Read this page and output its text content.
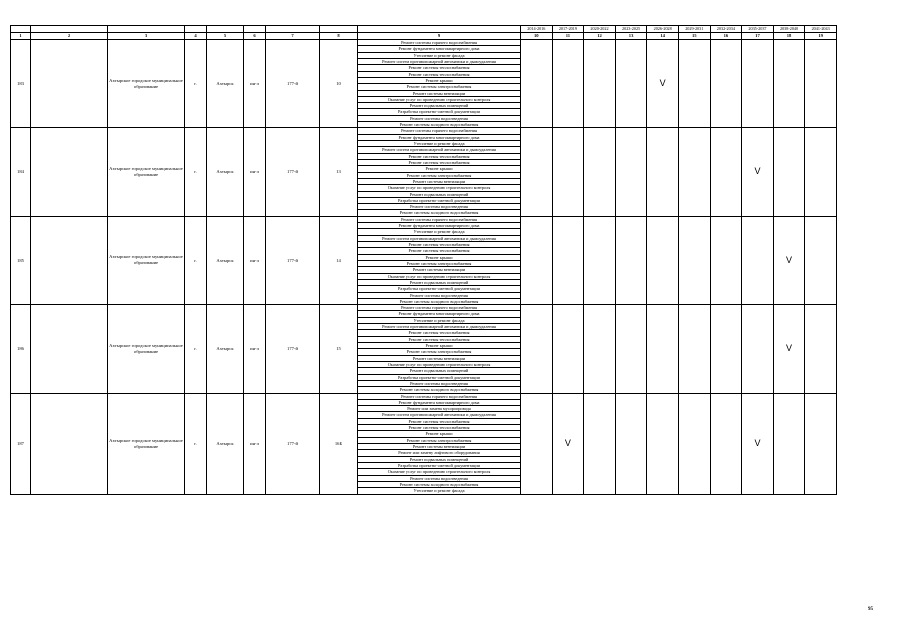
									2014-2016	2017-2019	2020-2022	2023-2025	2026-2028	2029-2031	2032-2034	2035-2037	2038-2040	2041-2043
1	2	3	4	5	6	7	8	9	10	11	12	13	14	15	16	17	18	19
183		Ахтырское городское муниципальное образование	г.	Ахтырск	ин-л	177-й	10	Ремонт системы горячего водоснабжения					V					
								Ремонт фундамента многоквартирного дома										
								Утепление и ремонт фасада										
								Ремонт систем противопожарной автоматики и дымоудаления										
								Ремонт системы теплоснабжения										
								Ремонт системы теплоснабжения										
								Ремонт крыши										
								Ремонт системы электроснабжения										
								Ремонт системы вентиляции										
								Оказание услуг по проведению строительного контроля										
								Ремонт подвальных помещений										
								Разработка проектно-сметной документации										
								Ремонт системы водоотведения										
								Ремонт системы холодного водоснабжения										
184		Ахтырское городское муниципальное образование	г.	Ахтырск	ин-л	177-й	13	Ремонт системы горячего водоснабжения								V		
								Ремонт фундамента многоквартирного дома										
								Утепление и ремонт фасада										
								Ремонт систем противопожарной автоматики и дымоудаления										
								Ремонт системы теплоснабжения										
								Ремонт системы теплоснабжения										
								Ремонт крыши										
								Ремонт системы электроснабжения										
								Ремонт системы вентиляции										
								Оказание услуг по проведению строительного контроля										
								Ремонт подвальных помещений										
								Разработка проектно-сметной документации										
								Ремонт системы водоотведения										
								Ремонт системы холодного водоснабжения										
185		Ахтырское городское муниципальное образование	г.	Ахтырск	ин-л	177-й	14	Ремонт системы горячего водоснабжения									V	
								Ремонт фундамента многоквартирного дома										
								Утепление и ремонт фасада										
								Ремонт систем противопожарной автоматики и дымоудаления										
								Ремонт системы теплоснабжения										
								Ремонт системы теплоснабжения										
								Ремонт крыши										
								Ремонт системы электроснабжения										
								Ремонт системы вентиляции										
								Оказание услуг по проведению строительного контроля										
								Ремонт подвальных помещений										
								Разработка проектно-сметной документации										
								Ремонт системы водоотведения										
								Ремонт системы холодного водоснабжения										
186		Ахтырское городское муниципальное образование	г.	Ахтырск	ин-л	177-й	15	Ремонт системы горячего водоснабжения									V	
								Ремонт фундамента многоквартирного дома										
								Утепление и ремонт фасада										
								Ремонт систем противопожарной автоматики и дымоудаления										
								Ремонт системы теплоснабжения										
								Ремонт системы теплоснабжения										
								Ремонт крыши										
								Ремонт системы электроснабжения										
								Ремонт системы вентиляции										
								Оказание услуг по проведению строительного контроля										
								Ремонт подвальных помещений										
								Разработка проектно-сметной документации										
								Ремонт системы водоотведения										
								Ремонт системы холодного водоснабжения										
187		Ахтырское городское муниципальное образование	г.	Ахтырск	ин-л	177-й	16Б	Ремонт системы горячего водоснабжения		V						V		
								Ремонт фундамента многоквартирного дома										
								Ремонт или замена мусоропровода										
								Ремонт систем противопожарной автоматики и дымоудаления										
								Ремонт системы теплоснабжения										
								Ремонт системы теплоснабжения										
								Ремонт крыши										
								Ремонт системы электроснабжения										
								Ремонт системы вентиляции										
								Ремонт или замену лифтового оборудования										
								Ремонт подвальных помещений										
								Разработка проектно-сметной документации										
								Оказание услуг по проведению строительного контроля										
								Ремонт системы водоотведения										
								Ремонт системы холодного водоснабжения										
								Утепление и ремонт фасада										
95
